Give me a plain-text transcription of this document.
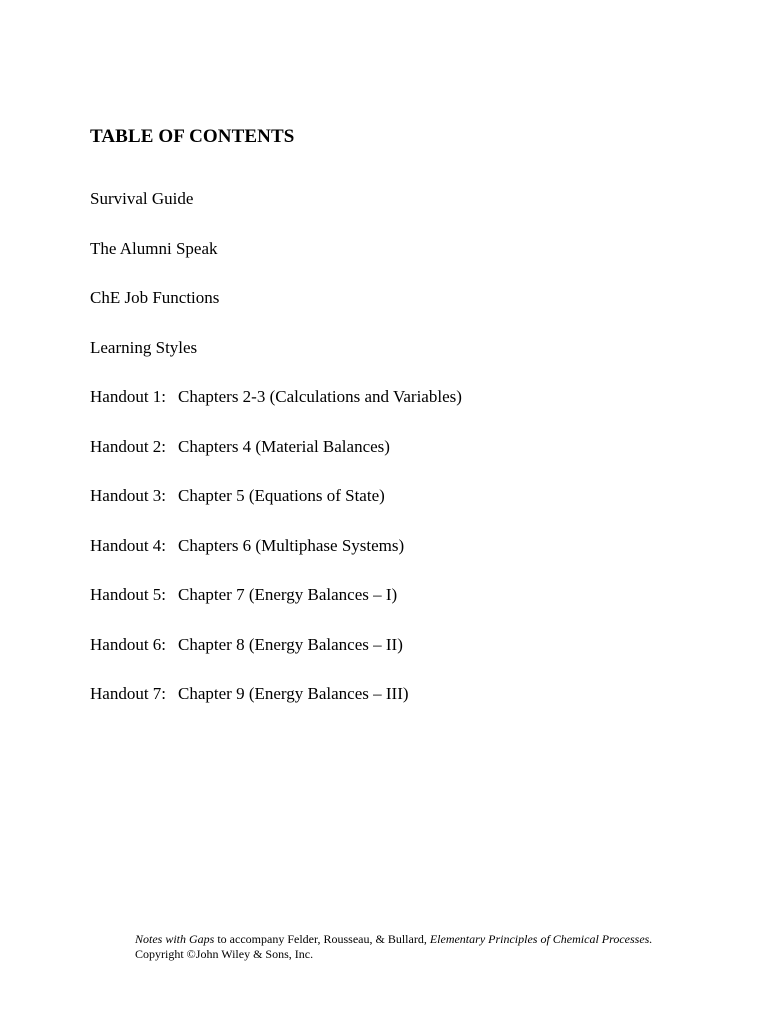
TABLE OF CONTENTS
Survival Guide
The Alumni Speak
ChE Job Functions
Learning Styles
Handout 1: Chapters 2-3 (Calculations and Variables)
Handout 2: Chapters 4 (Material Balances)
Handout 3: Chapter 5 (Equations of State)
Handout 4: Chapters 6 (Multiphase Systems)
Handout 5: Chapter 7 (Energy Balances – I)
Handout 6: Chapter 8 (Energy Balances – II)
Handout 7: Chapter 9 (Energy Balances – III)
Notes with Gaps to accompany Felder, Rousseau, & Bullard, Elementary Principles of Chemical Processes.
Copyright ©John Wiley & Sons, Inc.
